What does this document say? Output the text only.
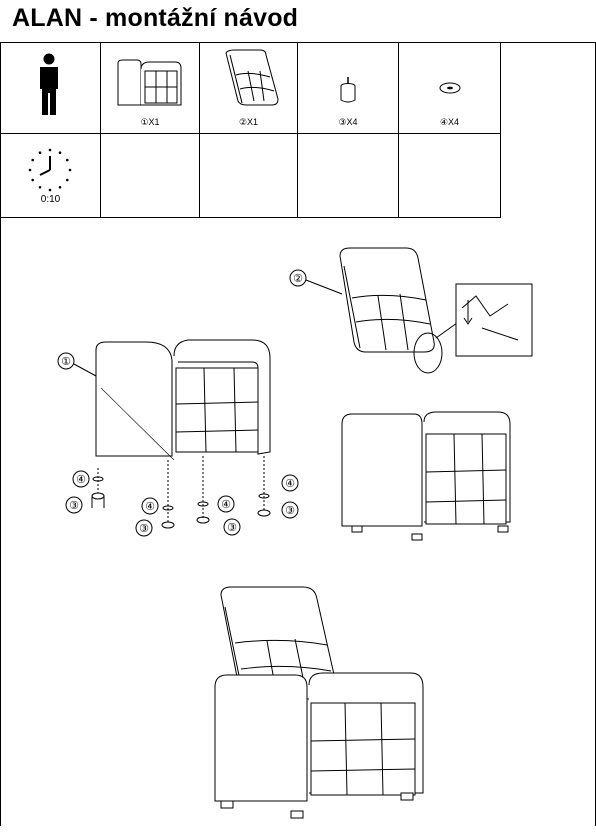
ALAN - montážní návod
①X1	②X1	③X4	④X4
0:10
①
④
③	④
③
④
③
④
③
②
